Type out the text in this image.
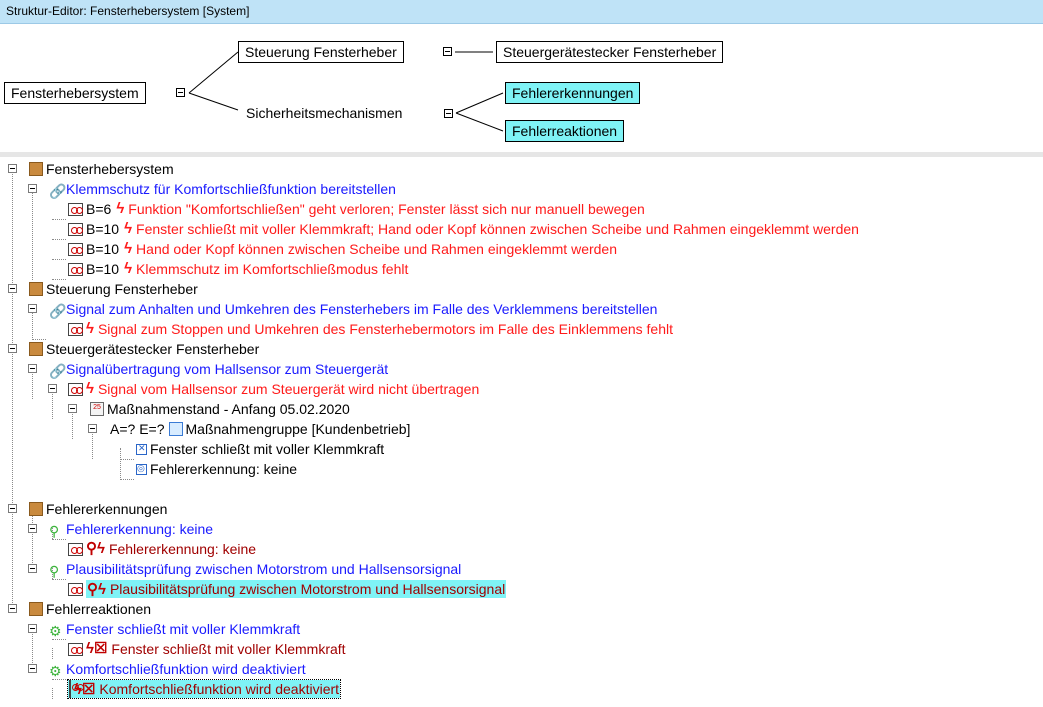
Struktur-Editor: Fensterhebersystem [System]
Fensterhebersystem
Steuerung Fensterheber	Steuergerätestecker Fensterheber
Sicherheitsmechanismen
Fehlererkennungen
Fehlerreaktionen
Fensterhebersystem
🔗Klemmschutz für Komfortschließfunktion bereitstellen
B=6 ϟ Funktion "Komfortschließen" geht verloren; Fenster lässt sich nur manuell bewegen
B=10 ϟ Fenster schließt mit voller Klemmkraft; Hand oder Kopf können zwischen Scheibe und Rahmen eingeklemmt werden
B=10 ϟ Hand oder Kopf können zwischen Scheibe und Rahmen eingeklemmt werden
B=10 ϟ Klemmschutz im Komfortschließmodus fehlt
Steuerung Fensterheber
🔗Signal zum Anhalten und Umkehren des Fensterhebers im Falle des Verklemmens bereitstellen
ϟ Signal zum Stoppen und Umkehren des Fensterhebermotors im Falle des Einklemmens fehlt
Steuergerätestecker Fensterheber
🔗Signalübertragung vom Hallsensor zum Steuergerät
ϟ Signal vom Hallsensor zum Steuergerät wird nicht übertragen
25 Maßnahmenstand - Anfang 05.02.2020
A=? E=? Maßnahmengruppe [Kundenbetrieb]
✕Fenster schließt mit voller Klemmkraft
◎Fehlererkennung: keine
Fehlererkennungen
⚲ Fehlererkennung: keine
⚲ϟ Fehlererkennung: keine
⚲ Plausibilitätsprüfung zwischen Motorstrom und Hallsensorsignal
⚲ϟ Plausibilitätsprüfung zwischen Motorstrom und Hallsensorsignal
Fehlerreaktionen
⚙ Fenster schließt mit voller Klemmkraft
ϟ☒ Fenster schließt mit voller Klemmkraft
⚙ Komfortschließfunktion wird deaktiviert
ϟ☒ Komfortschließfunktion wird deaktiviert
